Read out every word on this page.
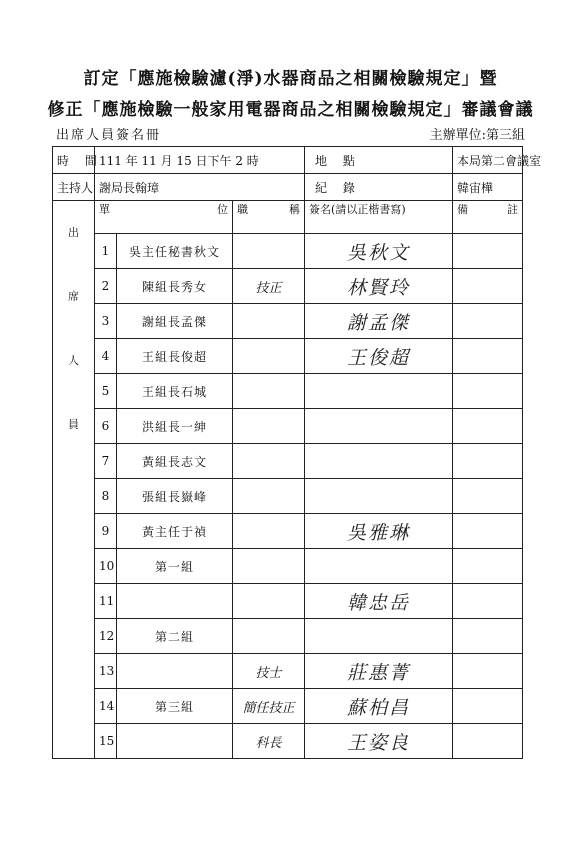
訂定「應施檢驗濾(淨)水器商品之相關檢驗規定」暨
修正「應施檢驗一般家用電器商品之相關檢驗規定」審議會議
出席人員簽名冊	主辦單位:第三組
時 間	111 年 11 月 15 日下午 2 時			地 點	本局第二會議室
主持人	謝局長翰璋			紀 錄	韓宙樺

出
席
人
員	單 位		職 稱	簽名(請以正楷書寫)	備 註

	1	吳主任秘書秋文		吳秋文	
	2	陳組長秀女	技正	林賢玲	
	3	謝組長孟傑		謝孟傑	
	4	王組長俊超		王俊超	
	5	王組長石城			
	6	洪組長一紳			
	7	黃組長志文			
	8	張組長嶽峰			
	9	黃主任于禎		吳雅琳	
	10	第一組			
	11			韓忠岳	
	12	第二組			
	13		技士	莊惠菁	
	14	第三組	簡任技正	蘇柏昌	
	15		科長	王姿良	
